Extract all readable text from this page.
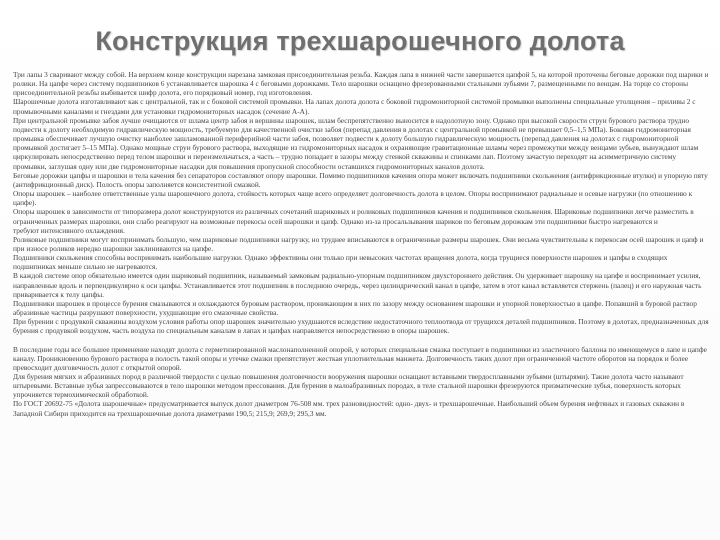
Конструкция трехшарошечного долота

Три лапы 3 сваривают между собой. На верхнем конце конструкции нарезана замковая присоединительная резьба. Каждая лапа в нижней части завершается цапфой 5, на которой проточены беговые дорожки под шарики и ролики. На цапфе через систему подшипников 6 устанавливается шарошка 4 с беговыми дорожками. Тело шарошки оснащено фрезерованными стальными зубьями 7, размещенными по венцам. На торце со стороны присоединительной резьбы выбивается шифр долота, его порядковый номер, год изготовления.

Шарошечные долота изготавливают как с центральной, так и с боковой системой промывки. На лапах долота долота с боковой гидромониторной системой промывки выполнены специальные утолщения – приливы 2 с промывочными каналами и гнездами для установки гидромониторных насадок (сечение А-А).

При центральной промывке забоя лучше очищаются от шлама центр забоя и вершины шарошек, шлам беспрепятственно выносится в надолотную зону. Однако при высокой скорости струи бурового раствора трудно подвести к долоту необходимую гидравлическую мощность, требуемую для качественной очистки забоя (перепад давления в долотах с центральной промывкой не превышает 0,5–1,5 МПа). Боковая гидромониторная промывка обеспечивает лучшую очистку наиболее зашламованной периферийной части забоя, позволяет подвести к долоту большую гидравлическую мощность (перепад давления на долотах с гидромониторной промывкой достигает 5–15 МПа). Однако мощные струи бурового раствора, выходящие из гидромониторных насадок и охраняющие гравитационные шламы через промежутки между венцами зубьев, вынуждают шлам циркулировать непосредственно перед телом шарошки и переизмельчаться, а часть – трудно попадает в зазоры между стенкой скважины и спинками лап. Поэтому зачастую переходят на асимметричную систему промывки, заглушая одну или две гидромониторные насадки для повышения пропускной способности оставшихся гидромониторных каналов долота.

Беговые дорожки цапфы и шарошки и тела качения без сепараторов составляют опору шарошки. Помимо подшипников качения опора может включать подшипники скольжения (антифрикционные втулки) и упорную пяту (антифрикционный диск). Полость опоры заполняется консистентной смазкой.

Опоры шарошек – наиболее ответственные узлы шарошечного долота, стойкость которых чаще всего определяет долговечность долота в целом. Опоры воспринимают радиальные и осевые нагрузки (по отношению к цапфе).

Опоры шарошек в зависимости от типоразмера долот конструируются из различных сочетаний шариковых и роликовых подшипников качения и подшипников скольжения. Шариковые подшипники легче разместить в ограниченных размерах шарошки, они слабо реагируют на возможные перекосы осей шарошки и цапф. Однако из-за просальзывания шариков по беговым дорожкам эти подшипники быстро нагреваются и

требуют интенсивного охлаждения.

Роликовые подшипники могут воспринимать большую, чем шариковые подшипники нагрузку, но труднее вписываются в ограниченные размеры шарошек. Они весьма чувствительны к перекосам осей шарошек и цапф и при износе роликов нередко шарошки заклиниваются на цапфе.

Подшипники скольжения способны воспринимать наибольшие нагрузки. Однако эффективны они только при невысоких частотах вращения долота, когда трущиеся поверхности шарошек и цапфы в сходящих подшипниках меньше сильно не нагреваются.

В каждой системе опор обязательно имеется один шариковый подшипник, называемый замковым радиально-упорным подшипником двухстороннего действия. Он удерживает шарошку на цапфе и воспринимает усилия, направленные вдоль и перпендикулярно к оси цапфы. Устанавливается этот подшипник в последнюю очередь, через цилиндрический канал в цапфе, затем в этот канал вставляется стержень (палец) и его наружная часть приваривается к телу цапфы.

Подшипники шарошек в процессе бурения смазываются и охлаждаются буровым раствором, проникающим в них по зазору между основанием шарошки и упорной поверхностью в цапфе. Попавший в буровой раствор абразивные частицы разрушают поверхности, ухудшающие его смазочные свойства.

При бурении с продувкой скважины воздухом условия работы опор шарошек значительно ухудшаются вследствие недостаточного теплоотвода от трущихся деталей подшипников. Поэтому в долотах, предназначенных для бурения с продувкой воздухом, часть воздуха по специальным каналам в лапах и цапфах направляется непосредственно в опоры шарошек.

В последние годы все большее применение находят долота с герметизированной маслонаполненной опорой, у которых специальная смазка поступает в подшипники из эластичного баллона по имеющемуся в лапе и цапфе каналу. Проникновению бурового раствора в полость такой опоры и утечке смазки препятствует жесткая уплотнительная манжета. Долговечность таких долот при ограниченной частоте оборотов на порядок и более превосходит долговечность долот с открытой опорой.

Для бурения мягких и абразивных пород в различной твердости с целью повышения долговечности вооружения шарошки оснащают вставными твердосплавными зубьями (штырями). Такие долота часто называют штыревыми. Вставные зубья запрессовываются в тело шарошки методом прессования. Для бурения в малоабразивных породах, в теле стальной шарошки фрезеруются призматические зубья, поверхность которых упрочняется термохимической обработкой.

По ГОСТ 20692-75 «Долота шарошечные» предусматривается выпуск долот диаметром 76-508 мм. трех разновидностей: одно- двух- и трехшарошечные. Наибольший объем бурения нефтяных и газовых скважин в Западной Сибири приходится на трехшарошечные долота диаметрами 190,5; 215,9; 269,9; 295,3 мм.
